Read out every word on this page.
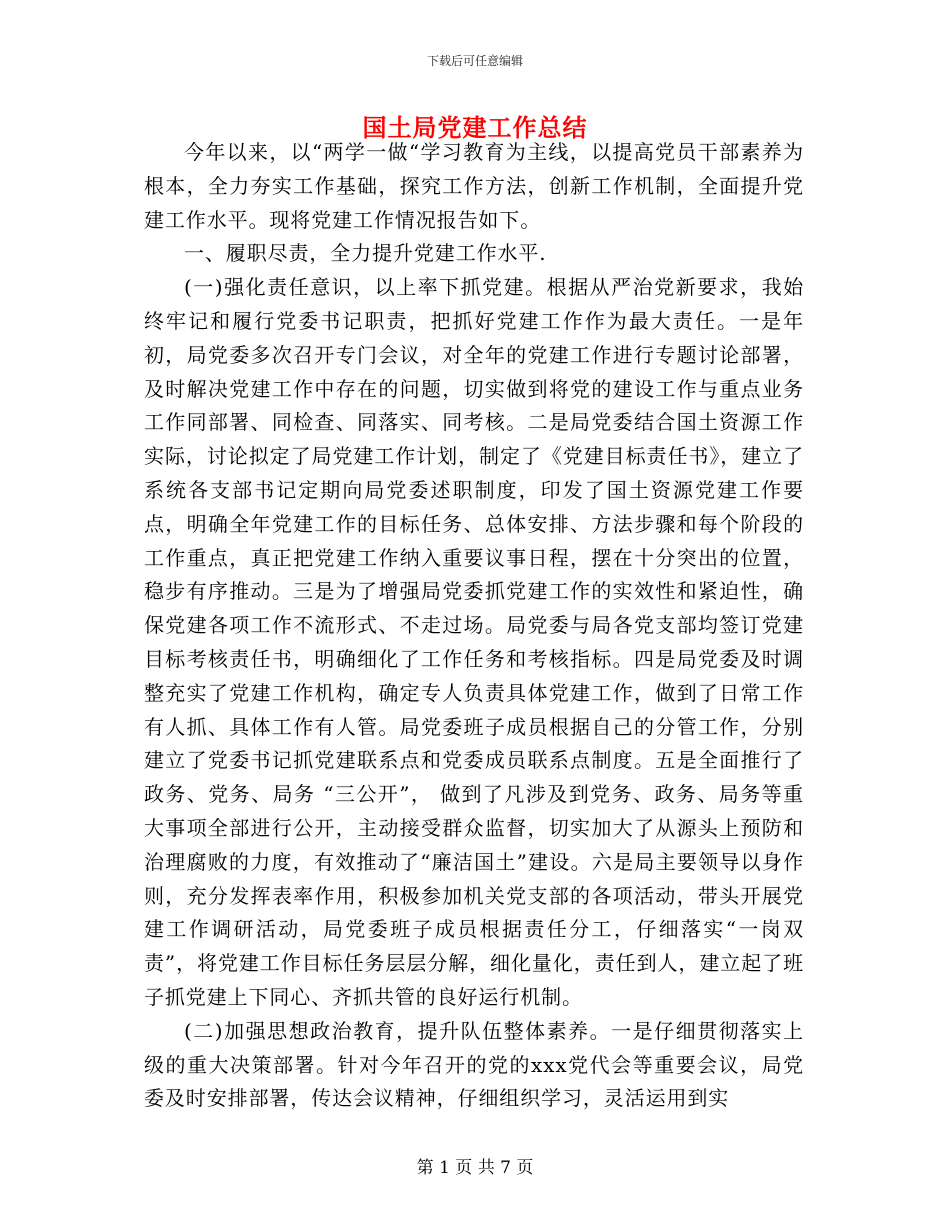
下载后可任意编辑
国土局党建工作总结

今年以来，以“两学一做“学习教育为主线，以提高党员干部素养为根本，全力夯实工作基础，探究工作方法，创新工作机制，全面提升党建工作水平。现将党建工作情况报告如下。

一、履职尽责，全力提升党建工作水平.

(一)强化责任意识，以上率下抓党建。根据从严治党新要求，我始终牢记和履行党委书记职责，把抓好党建工作作为最大责任。一是年初，局党委多次召开专门会议，对全年的党建工作进行专题讨论部署，及时解决党建工作中存在的问题，切实做到将党的建设工作与重点业务工作同部署、同检查、同落实、同考核。二是局党委结合国土资源工作实际，讨论拟定了局党建工作计划，制定了《党建目标责任书》，建立了系统各支部书记定期向局党委述职制度，印发了国土资源党建工作要点，明确全年党建工作的目标任务、总体安排、方法步骤和每个阶段的工作重点，真正把党建工作纳入重要议事日程，摆在十分突出的位置，稳步有序推动。三是为了增强局党委抓党建工作的实效性和紧迫性，确保党建各项工作不流形式、不走过场。局党委与局各党支部均签订党建目标考核责任书，明确细化了工作任务和考核指标。四是局党委及时调整充实了党建工作机构，确定专人负责具体党建工作，做到了日常工作有人抓、具体工作有人管。局党委班子成员根据自己的分管工作，分别建立了党委书记抓党建联系点和党委成员联系点制度。五是全面推行了政务、党务、局务 “三公开”， 做到了凡涉及到党务、政务、局务等重大事项全部进行公开，主动接受群众监督，切实加大了从源头上预防和治理腐败的力度，有效推动了“廉洁国土”建设。六是局主要领导以身作则，充分发挥表率作用，积极参加机关党支部的各项活动，带头开展党建工作调研活动，局党委班子成员根据责任分工，仔细落实“一岗双责”，将党建工作目标任务层层分解，细化量化，责任到人，建立起了班子抓党建上下同心、齐抓共管的良好运行机制。

(二)加强思想政治教育，提升队伍整体素养。一是仔细贯彻落实上级的重大决策部署。针对今年召开的党的xxx党代会等重要会议，局党委及时安排部署，传达会议精神，仔细组织学习，灵活运用到实

第 1 页 共 7 页
